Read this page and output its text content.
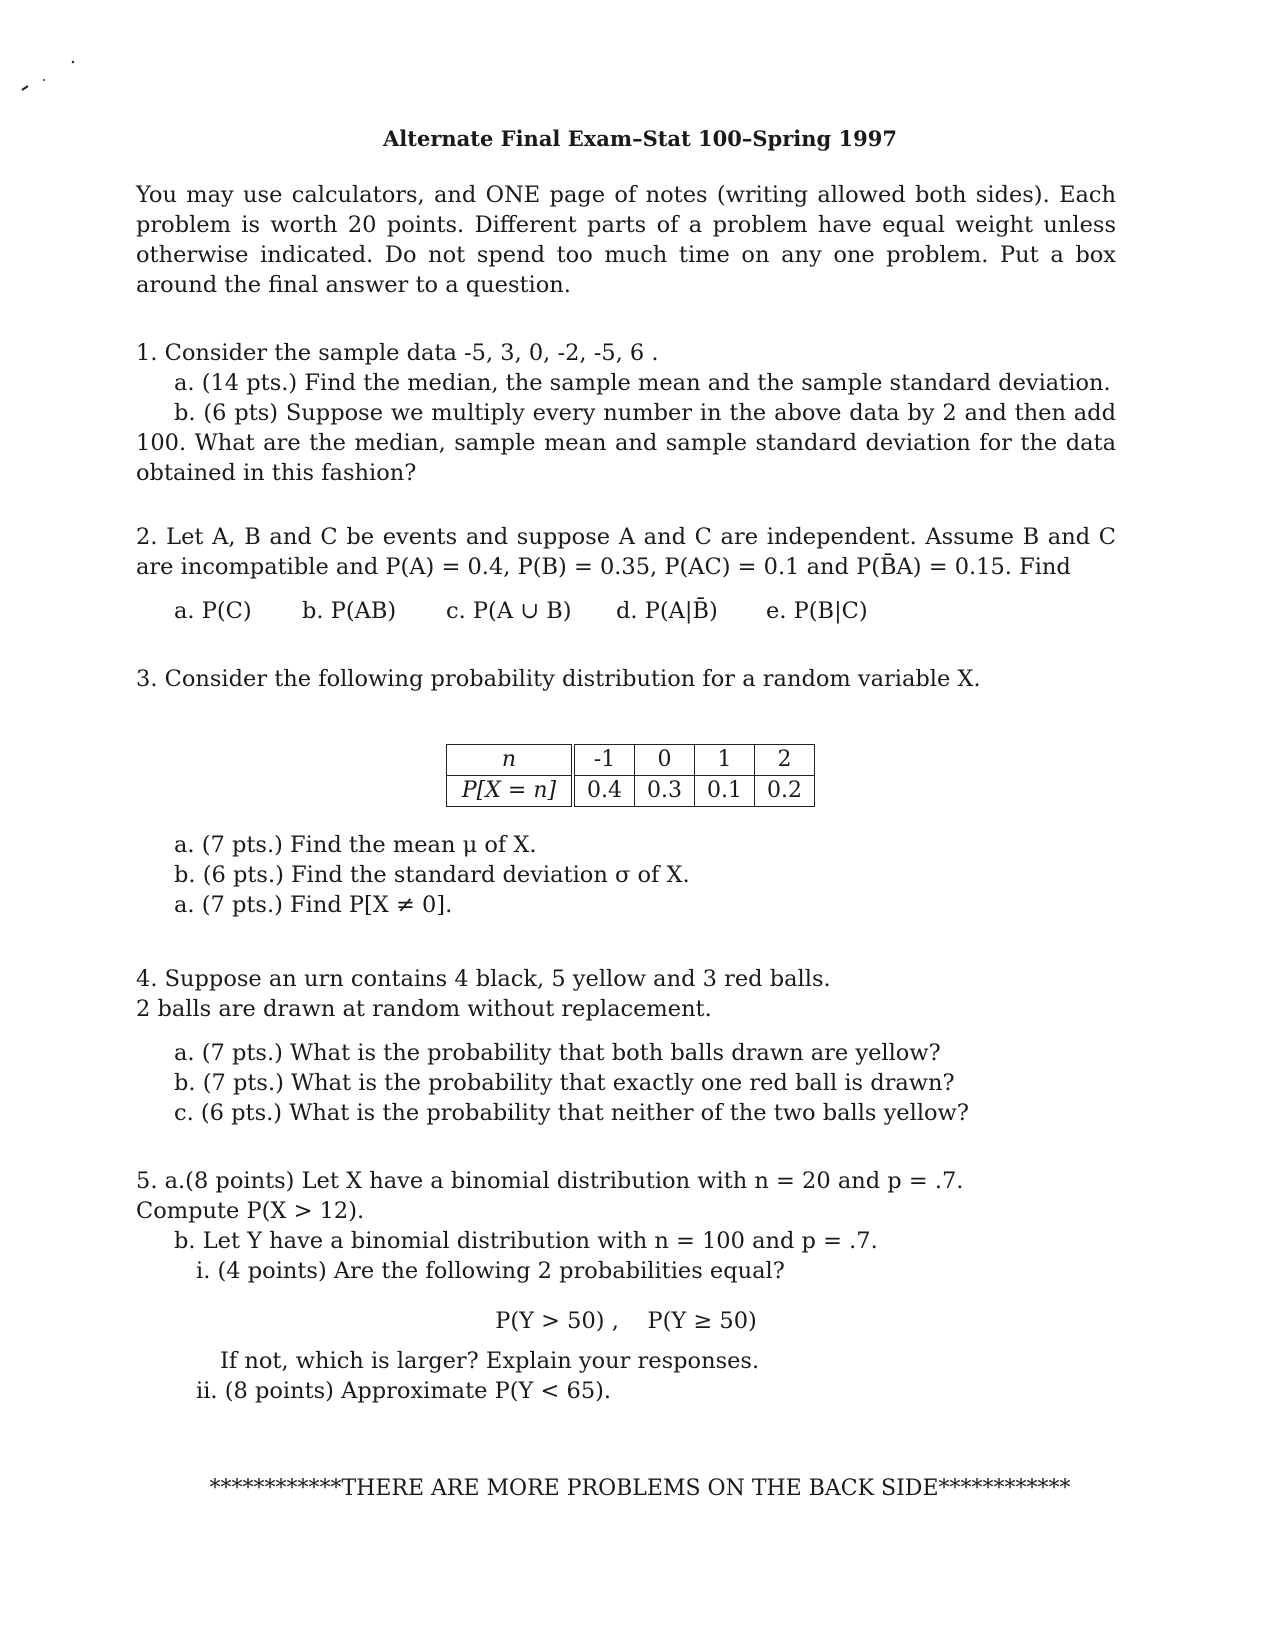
Alternate Final Exam–Stat 100–Spring 1997
You may use calculators, and ONE page of notes (writing allowed both sides). Each problem is worth 20 points. Different parts of a problem have equal weight unless otherwise indicated. Do not spend too much time on any one problem. Put a box around the final answer to a question.
1. Consider the sample data -5, 3, 0, -2, -5, 6 .
a. (14 pts.) Find the median, the sample mean and the sample standard deviation.
b. (6 pts) Suppose we multiply every number in the above data by 2 and then add 100. What are the median, sample mean and sample standard deviation for the data obtained in this fashion?
2. Let A, B and C be events and suppose A and C are independent. Assume B and C are incompatible and P(A) = 0.4, P(B) = 0.35, P(AC) = 0.1 and P(B̄A) = 0.15. Find
a. P(C)	b. P(AB)	c. P(A ∪ B)	d. P(A|B̄)	e. P(B|C)
3. Consider the following probability distribution for a random variable X.
n	-1	0	1	2
P[X = n]	0.4	0.3	0.1	0.2
a. (7 pts.) Find the mean μ of X.
b. (6 pts.) Find the standard deviation σ of X.
a. (7 pts.) Find P[X ≠ 0].
4. Suppose an urn contains 4 black, 5 yellow and 3 red balls.
2 balls are drawn at random without replacement.
a. (7 pts.) What is the probability that both balls drawn are yellow?
b. (7 pts.) What is the probability that exactly one red ball is drawn?
c. (6 pts.) What is the probability that neither of the two balls yellow?
5. a.(8 points) Let X have a binomial distribution with n = 20 and p = .7.
Compute P(X > 12).
b. Let Y have a binomial distribution with n = 100 and p = .7.
i. (4 points) Are the following 2 probabilities equal?
P(Y > 50) ,    P(Y ≥ 50)
If not, which is larger? Explain your responses.
ii. (8 points) Approximate P(Y < 65).
************THERE ARE MORE PROBLEMS ON THE BACK SIDE************
